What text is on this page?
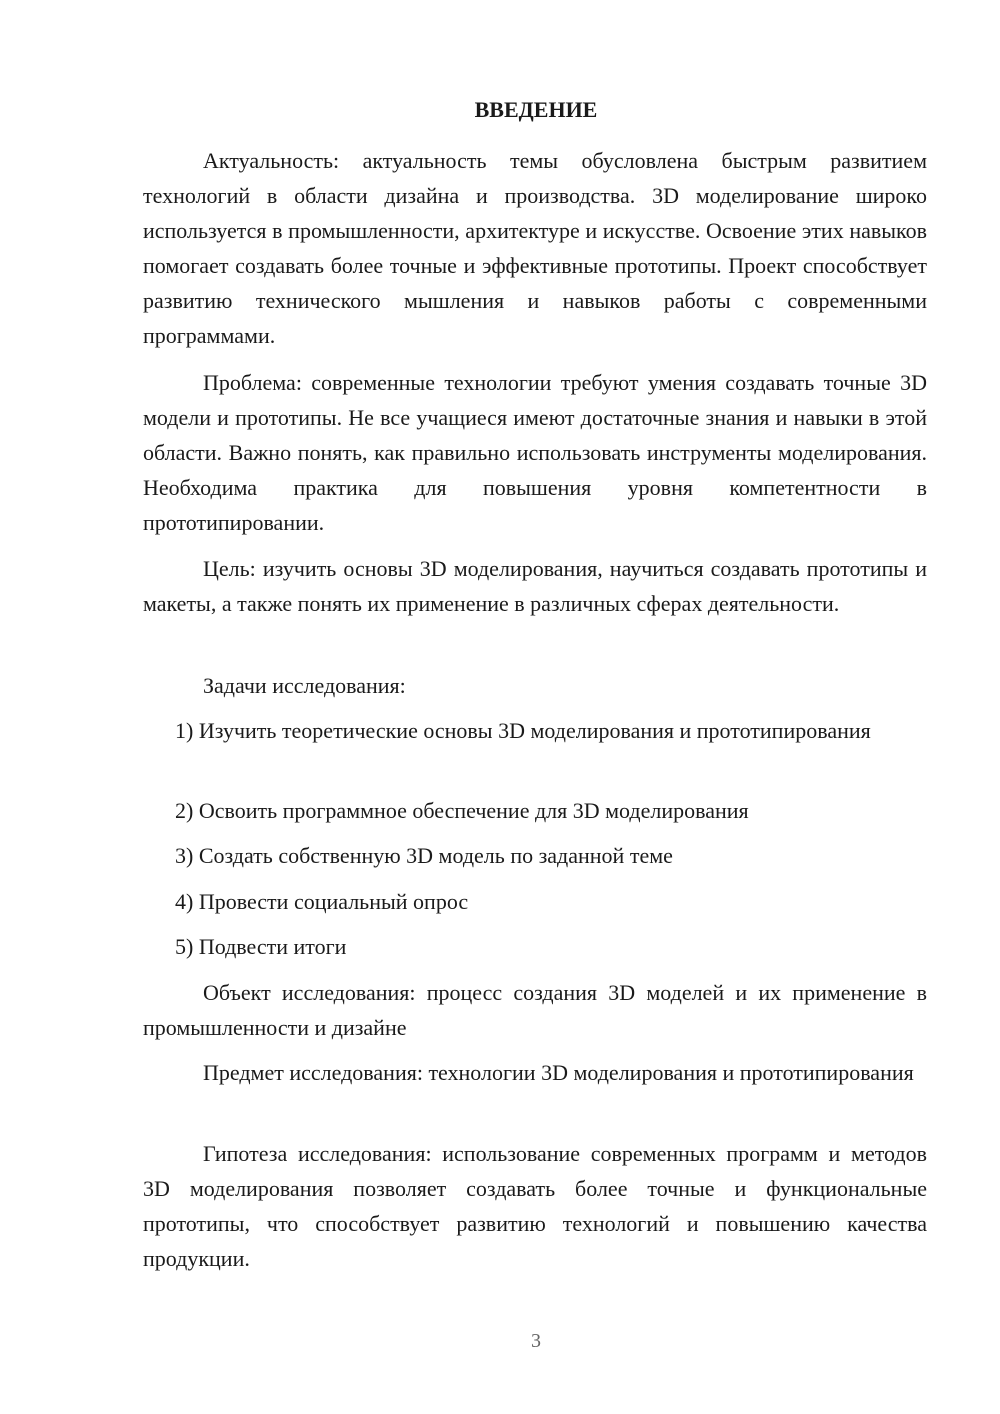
ВВЕДЕНИЕ

Актуальность: актуальность темы обусловлена быстрым развитием технологий в области дизайна и производства. 3D моделирование широко используется в промышленности, архитектуре и искусстве. Освоение этих навыков помогает создавать более точные и эффективные прототипы. Проект способствует развитию технического мышления и навыков работы с современными программами.

Проблема: современные технологии требуют умения создавать точные 3D модели и прототипы. Не все учащиеся имеют достаточные знания и навыки в этой области. Важно понять, как правильно использовать инструменты моделирования. Необходима практика для повышения уровня компетентности в прототипировании.

Цель: изучить основы 3D моделирования, научиться создавать прототипы и макеты, а также понять их применение в различных сферах деятельности.

Задачи исследования:

1) Изучить теоретические основы 3D моделирования и прототипирования

2) Освоить программное обеспечение для 3D моделирования

3) Создать собственную 3D модель по заданной теме

4) Провести социальный опрос

5) Подвести итоги

Объект исследования: процесс создания 3D моделей и их применение в промышленности и дизайне

Предмет исследования: технологии 3D моделирования и прототипирования

Гипотеза исследования: использование современных программ и методов 3D моделирования позволяет создавать более точные и функциональные прототипы, что способствует развитию технологий и повышению качества продукции.

3
